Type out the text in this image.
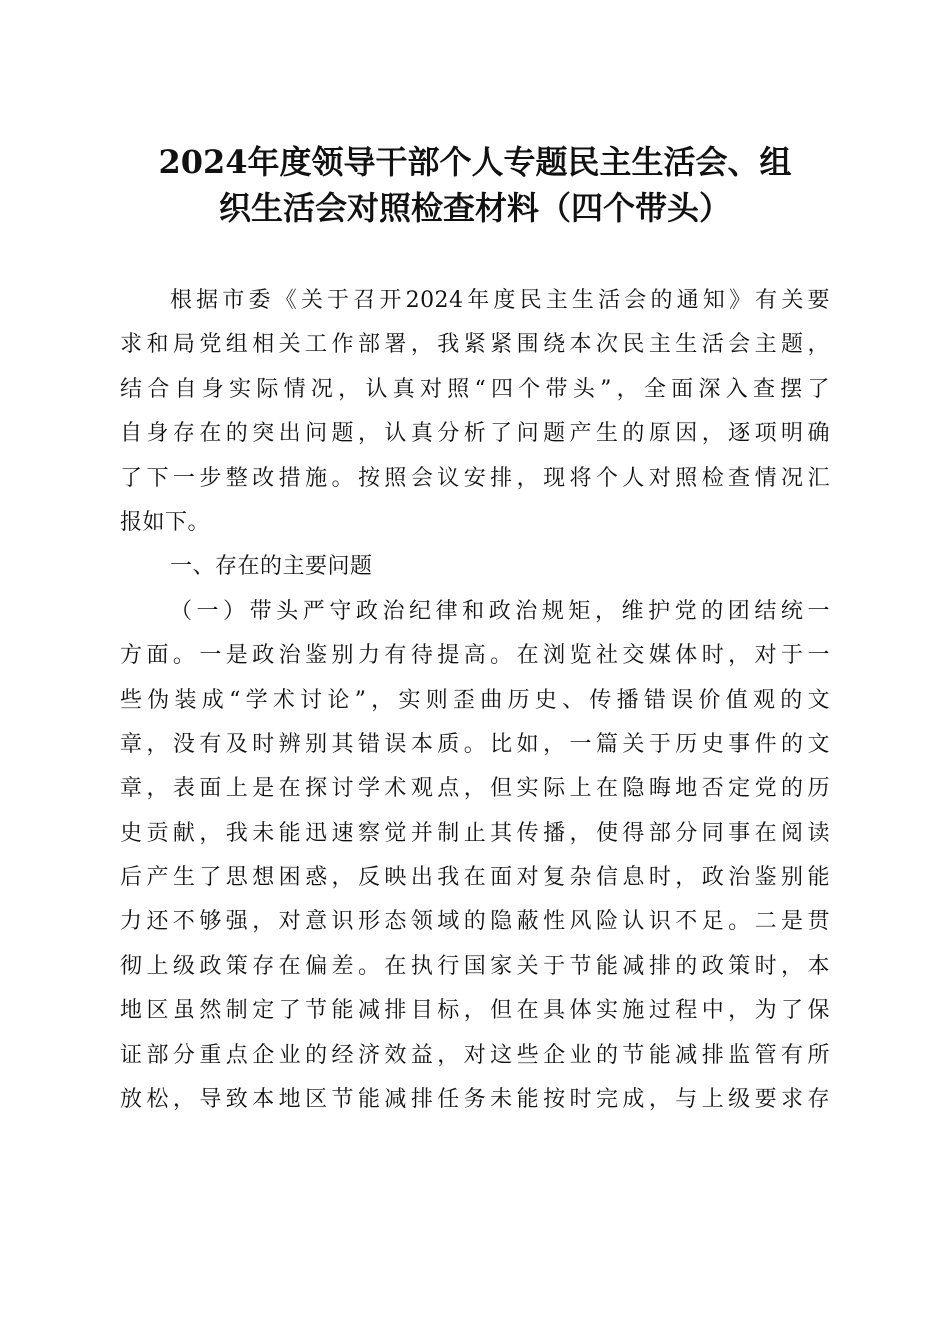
2024年度领导干部个人专题民主生活会、组
织生活会对照检查材料（四个带头）
根据市委《关于召开2024年度民主生活会的通知》有关要
求和局党组相关工作部署，我紧紧围绕本次民主生活会主题，
结合自身实际情况，认真对照“四个带头”，全面深入查摆了
自身存在的突出问题，认真分析了问题产生的原因，逐项明确
了下一步整改措施。按照会议安排，现将个人对照检查情况汇
报如下。
一、存在的主要问题
（一）带头严守政治纪律和政治规矩，维护党的团结统一
方面。一是政治鉴别力有待提高。在浏览社交媒体时，对于一
些伪装成“学术讨论”，实则歪曲历史、传播错误价值观的文
章，没有及时辨别其错误本质。比如，一篇关于历史事件的文
章，表面上是在探讨学术观点，但实际上在隐晦地否定党的历
史贡献，我未能迅速察觉并制止其传播，使得部分同事在阅读
后产生了思想困惑，反映出我在面对复杂信息时，政治鉴别能
力还不够强，对意识形态领域的隐蔽性风险认识不足。二是贯
彻上级政策存在偏差。在执行国家关于节能减排的政策时，本
地区虽然制定了节能减排目标，但在具体实施过程中，为了保
证部分重点企业的经济效益，对这些企业的节能减排监管有所
放松，导致本地区节能减排任务未能按时完成，与上级要求存
